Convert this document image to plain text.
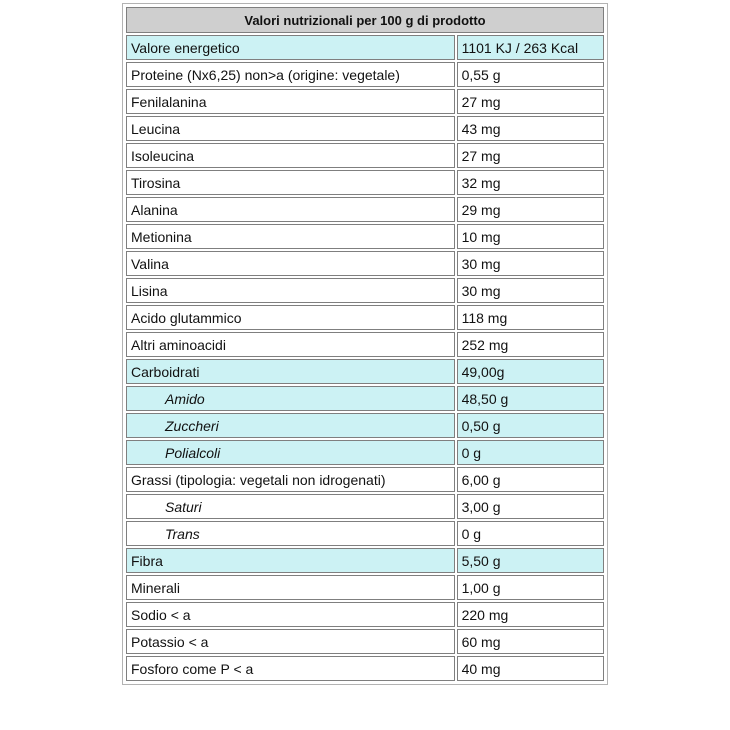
Valori nutrizionali per 100 g di prodotto	
Valore energetico	1101 KJ / 263 Kcal
Proteine (Nx6,25) non>a (origine: vegetale)	0,55 g
Fenilalanina	27 mg
Leucina	43 mg
Isoleucina	27 mg
Tirosina	32 mg
Alanina	29 mg
Metionina	10 mg
Valina	30 mg
Lisina	30 mg
Acido glutammico	118 mg
Altri aminoacidi	252 mg
Carboidrati	49,00g
Amido	48,50 g
Zuccheri	0,50 g
Polialcoli	0 g
Grassi (tipologia: vegetali non idrogenati)	6,00 g
Saturi	3,00 g
Trans	0 g
Fibra	5,50 g
Minerali	1,00 g
Sodio < a	220 mg
Potassio < a	60 mg
Fosforo come P < a	40 mg
